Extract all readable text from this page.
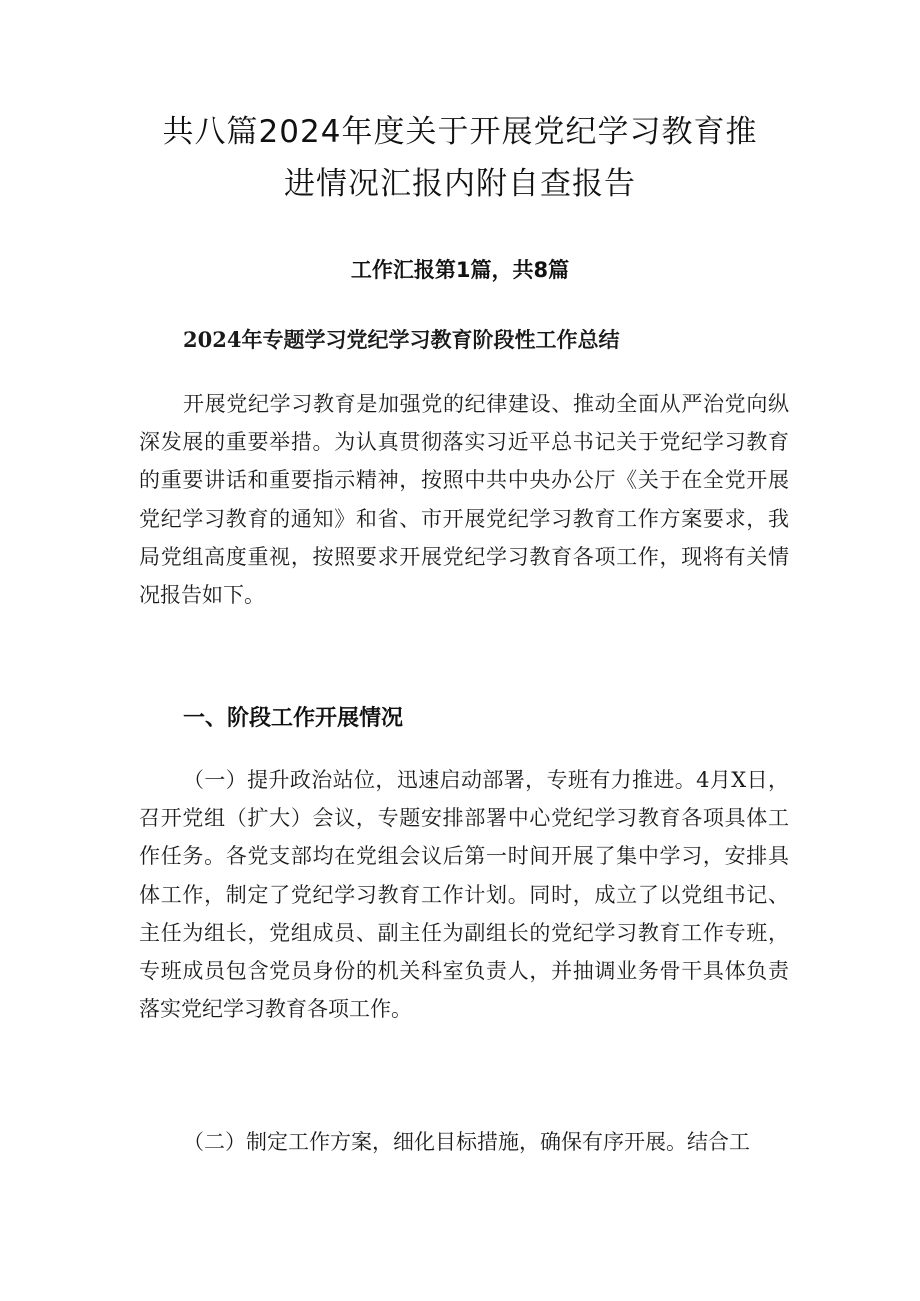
共八篇2024年度关于开展党纪学习教育推
进情况汇报内附自查报告
工作汇报第1篇，共8篇
2024年专题学习党纪学习教育阶段性工作总结

开展党纪学习教育是加强党的纪律建设、推动全面从严治党向纵深发展的重要举措。为认真贯彻落实习近平总书记关于党纪学习教育的重要讲话和重要指示精神，按照中共中央办公厅《关于在全党开展党纪学习教育的通知》和省、市开展党纪学习教育工作方案要求，我局党组高度重视，按照要求开展党纪学习教育各项工作，现将有关情况报告如下。

一、阶段工作开展情况

（一）提升政治站位，迅速启动部署，专班有力推进。4月X日，召开党组（扩大）会议，专题安排部署中心党纪学习教育各项具体工作任务。各党支部均在党组会议后第一时间开展了集中学习，安排具体工作，制定了党纪学习教育工作计划。同时，成立了以党组书记、主任为组长，党组成员、副主任为副组长的党纪学习教育工作专班，专班成员包含党员身份的机关科室负责人，并抽调业务骨干具体负责落实党纪学习教育各项工作。

（二）制定工作方案，细化目标措施，确保有序开展。结合工
